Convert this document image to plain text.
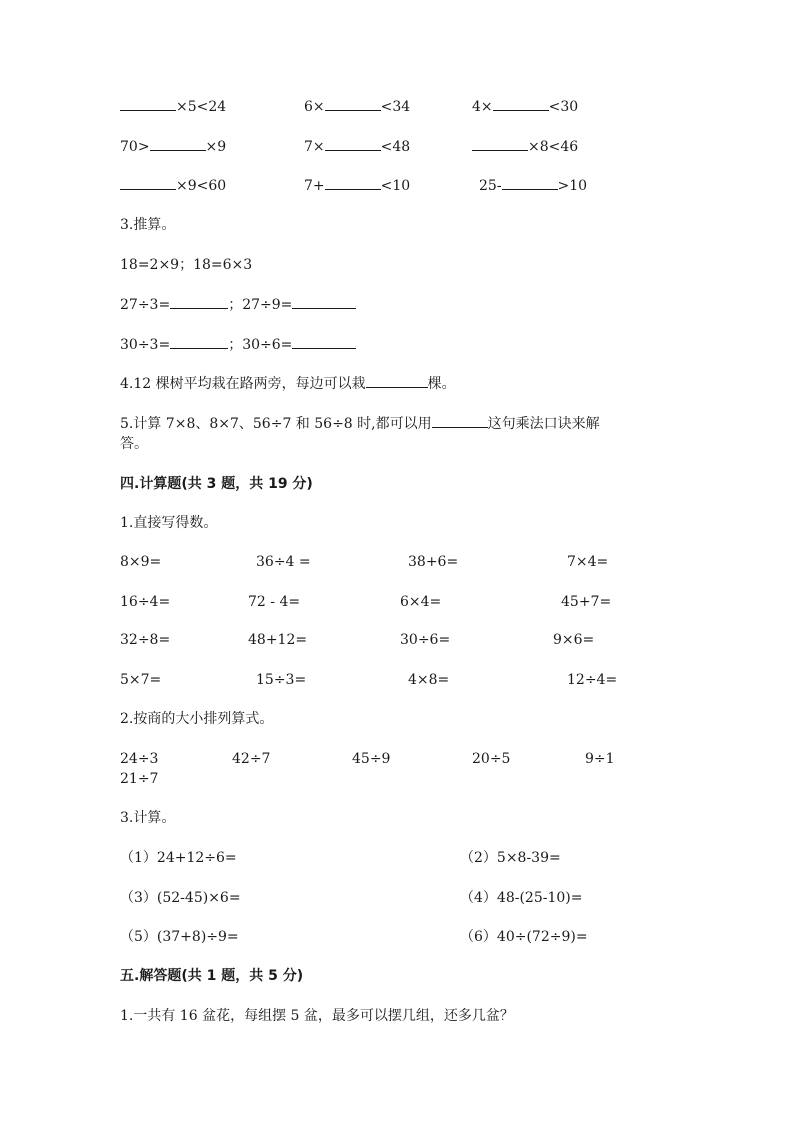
×5<24	6×	<34	4×	<30
70>	×9	7×	<48	×8<46
×9<60	7+	<10	25-	>10
3.推算。
18=2×9；18=6×3
27÷3=	；27÷9=
30÷3=	；30÷6=
4.12 棵树平均栽在路两旁，每边可以栽	棵。
5.计算 7×8、8×7、56÷7 和 56÷8 时,都可以用	这句乘法口诀来解
答。
四.计算题(共 3 题，共 19 分)
1.直接写得数。
8×9=	36÷4 =	38+6=	7×4=
16÷4=	72 - 4=	6×4=	45+7=
32÷8=	48+12=	30÷6=	9×6=
5×7=	15÷3=	4×8=	12÷4=
2.按商的大小排列算式。
24÷3	42÷7	45÷9	20÷5	9÷1
21÷7
3.计算。
（1）24+12÷6=	（2）5×8-39=
（3）(52-45)×6=	（4）48-(25-10)=
（5）(37+8)÷9=	（6）40÷(72÷9)=
五.解答题(共 1 题，共 5 分)
1.一共有 16 盆花，每组摆 5 盆，最多可以摆几组，还多几盆？
